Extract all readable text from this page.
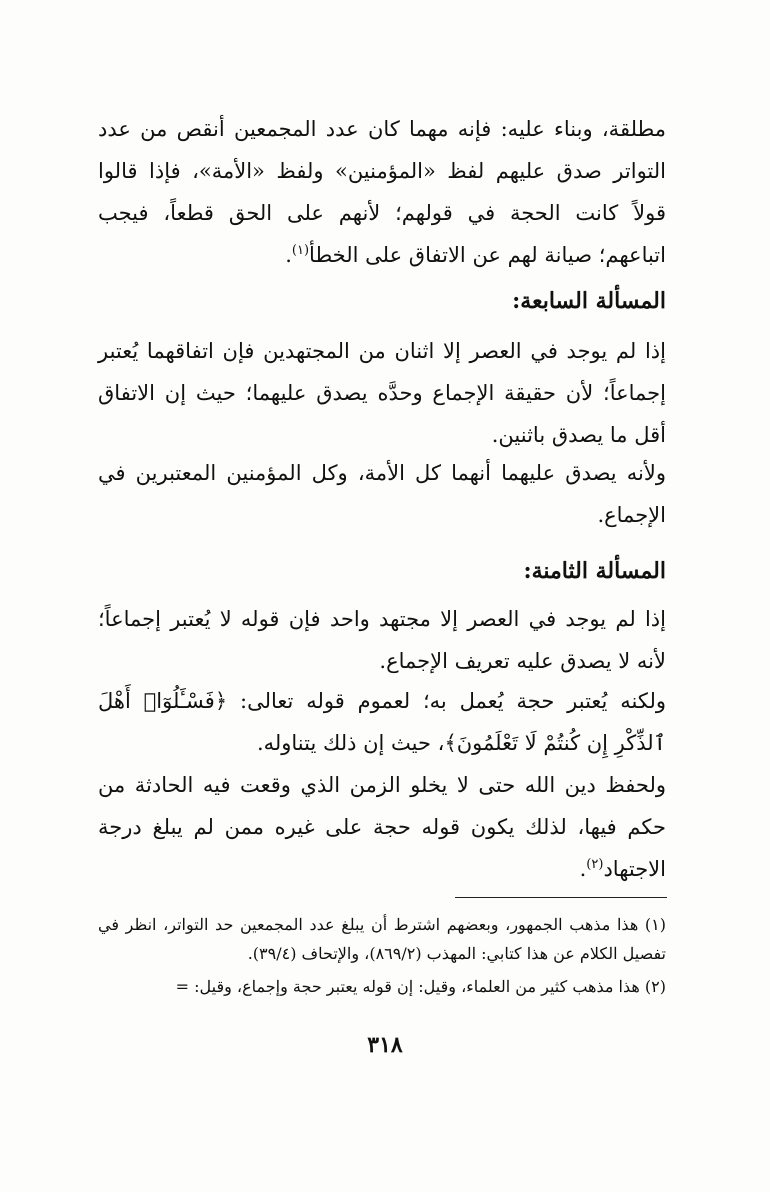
مطلقة، وبناء عليه: فإنه مهما كان عدد المجمعين أنقص من عدد التواتر صدق عليهم لفظ «المؤمنين» ولفظ «الأمة»، فإذا قالوا قولاً كانت الحجة في قولهم؛ لأنهم على الحق قطعاً، فيجب اتباعهم؛ صيانة لهم عن الاتفاق على الخطأ$^{(١)}$.

المسألة السابعة:

إذا لم يوجد في العصر إلا اثنان من المجتهدين فإن اتفاقهما يُعتبر إجماعاً؛ لأن حقيقة الإجماع وحدَّه يصدق عليهما؛ حيث إن الاتفاق أقل ما يصدق باثنين.

ولأنه يصدق عليهما أنهما كل الأمة، وكل المؤمنين المعتبرين في الإجماع.

المسألة الثامنة:

إذا لم يوجد في العصر إلا مجتهد واحد فإن قوله لا يُعتبر إجماعاً؛ لأنه لا يصدق عليه تعريف الإجماع.

ولكنه يُعتبر حجة يُعمل به؛ لعموم قوله تعالى: ﴿فَسْـَٔلُوٓا۟ أَهْلَ ٱلذِّكْرِ إِن كُنتُمْ لَا تَعْلَمُونَ﴾، حيث إن ذلك يتناوله.

ولحفظ دين الله حتى لا يخلو الزمن الذي وقعت فيه الحادثة من حكم فيها، لذلك يكون قوله حجة على غيره ممن لم يبلغ درجة الاجتهاد$^{(٢)}$.

(١) هذا مذهب الجمهور، وبعضهم اشترط أن يبلغ عدد المجمعين حد التواتر، انظر في تفصيل الكلام عن هذا كتابي: المهذب (٨٦٩/٢)، والإتحاف (٣٩/٤).

(٢) هذا مذهب كثير من العلماء، وقيل: إن قوله يعتبر حجة وإجماع، وقيل: =

٣١٨
